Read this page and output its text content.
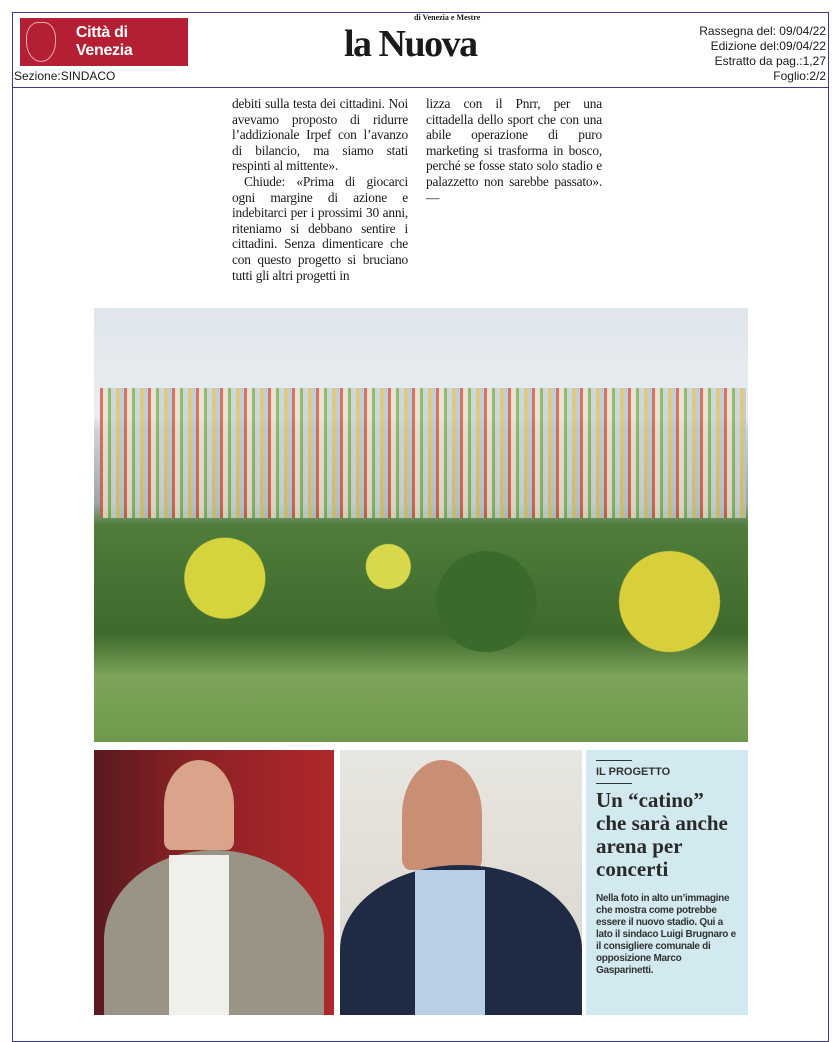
Città di Venezia
Sezione:SINDACO
di Venezia e Mestre
la Nuova	Rassegna del: 09/04/22
Edizione del:09/04/22
Estratto da pag.:1,27
Foglio:2/2

debiti sulla testa dei cittadini. Noi avevamo proposto di ridurre l’addizionale Irpef con l’avanzo di bilancio, ma siamo stati respinti al mittente».

Chiude: «Prima di giocarci ogni margine di azione e indebitarci per i prossimi 30 anni, riteniamo si debbano sentire i cittadini. Senza dimenticare che con questo progetto si bruciano tutti gli altri progetti in

lizza con il Pnrr, per una cittadella dello sport che con una abile operazione di puro marketing si trasforma in bosco, perché se fosse stato solo stadio e palazzetto non sarebbe passato». —

IL PROGETTO
Un “catino” che sarà anche arena per concerti
Nella foto in alto un’immagine che mostra come potrebbe essere il nuovo stadio. Qui a lato il sindaco Luigi Brugnaro e il consigliere comunale di opposizione Marco Gasparinetti.
